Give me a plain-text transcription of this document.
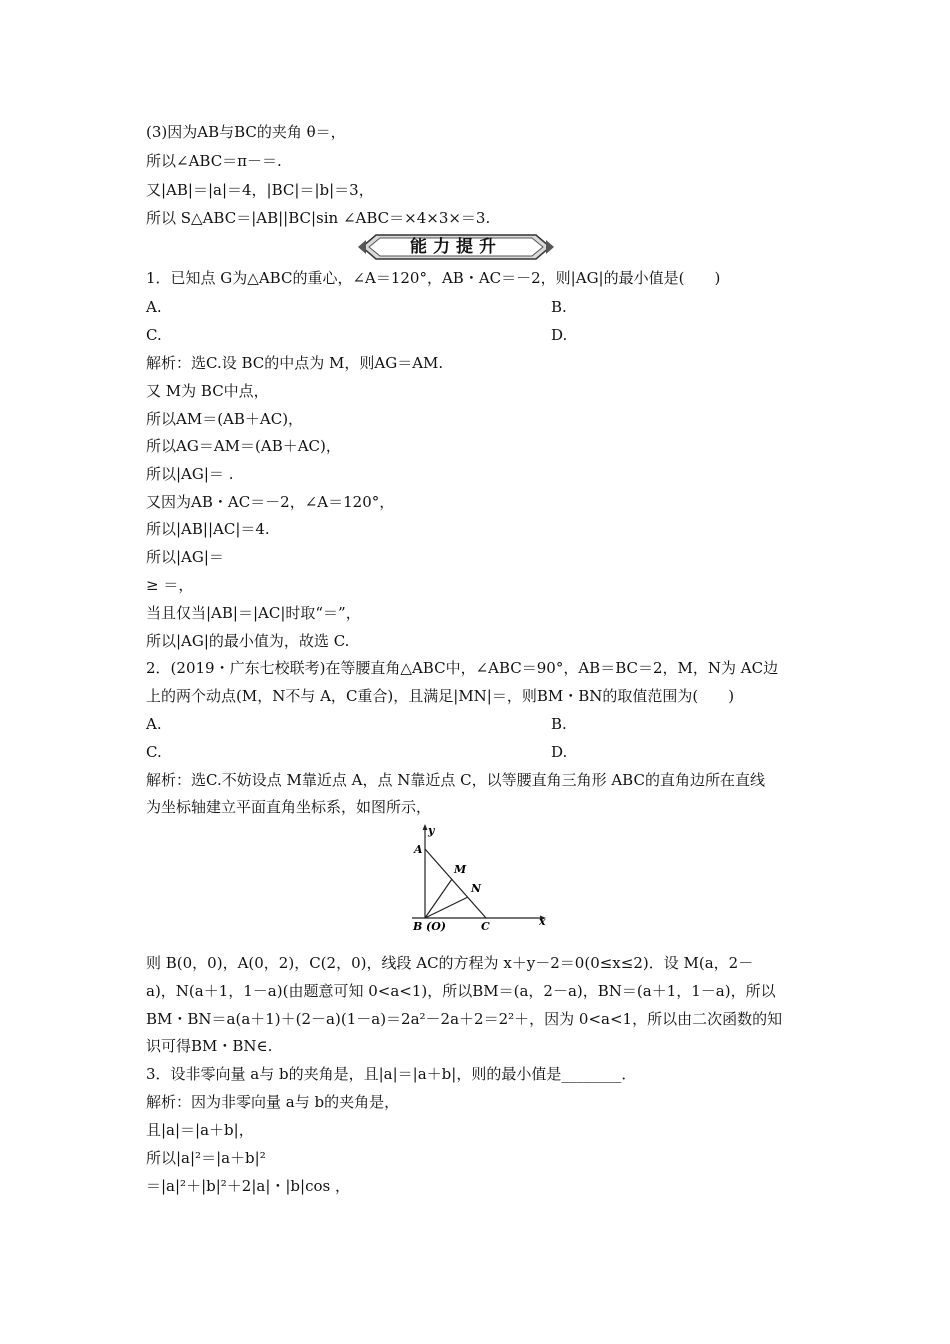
(3)因为AB与BC的夹角 θ＝，
所以∠ABC＝π－＝.
又|AB|＝|a|＝4，|BC|＝|b|＝3，
所以 S△ABC＝|AB||BC|sin ∠ABC＝×4×3×＝3.
能力提升
1．已知点 G为△ABC的重心，∠A＝120°，AB・AC＝－2，则|AG|的最小值是(　　)
A.	B.
C.	D.
解析：选C.设 BC的中点为 M，则AG＝AM.
又 M为 BC中点，
所以AM＝(AB＋AC)，
所以AG＝AM＝(AB＋AC)，
所以|AG|＝ .
又因为AB・AC＝－2，∠A＝120°，
所以|AB||AC|＝4.
所以|AG|＝
≥ ＝，
当且仅当|AB|＝|AC|时取“＝”，
所以|AG|的最小值为，故选 C.
2．(2019・广东七校联考)在等腰直角△ABC中，∠ABC＝90°，AB＝BC＝2，M，N为 AC边
上的两个动点(M，N不与 A，C重合)，且满足|MN|＝，则BM・BN的取值范围为(　　)
A.	B.
C.	D.
解析：选C.不妨设点 M靠近点 A，点 N靠近点 C，以等腰直角三角形 ABC的直角边所在直线
为坐标轴建立平面直角坐标系，如图所示，
y
x
A
M
N
B (O)	C
则 B(0，0)，A(0，2)，C(2，0)，线段 AC的方程为 x＋y－2＝0(0≤x≤2)．设 M(a，2－
a)，N(a＋1，1－a)(由题意可知 0<a<1)，所以BM＝(a，2－a)，BN＝(a＋1，1－a)，所以
BM・BN＝a(a＋1)＋(2－a)(1－a)＝2a²－2a＋2＝2²＋，因为 0<a<1，所以由二次函数的知
识可得BM・BN∈.
3．设非零向量 a与 b的夹角是，且|a|＝|a＋b|，则的最小值是________．
解析：因为非零向量 a与 b的夹角是，
且|a|＝|a＋b|，
所以|a|²＝|a＋b|²
＝|a|²＋|b|²＋2|a|・|b|cos ，
